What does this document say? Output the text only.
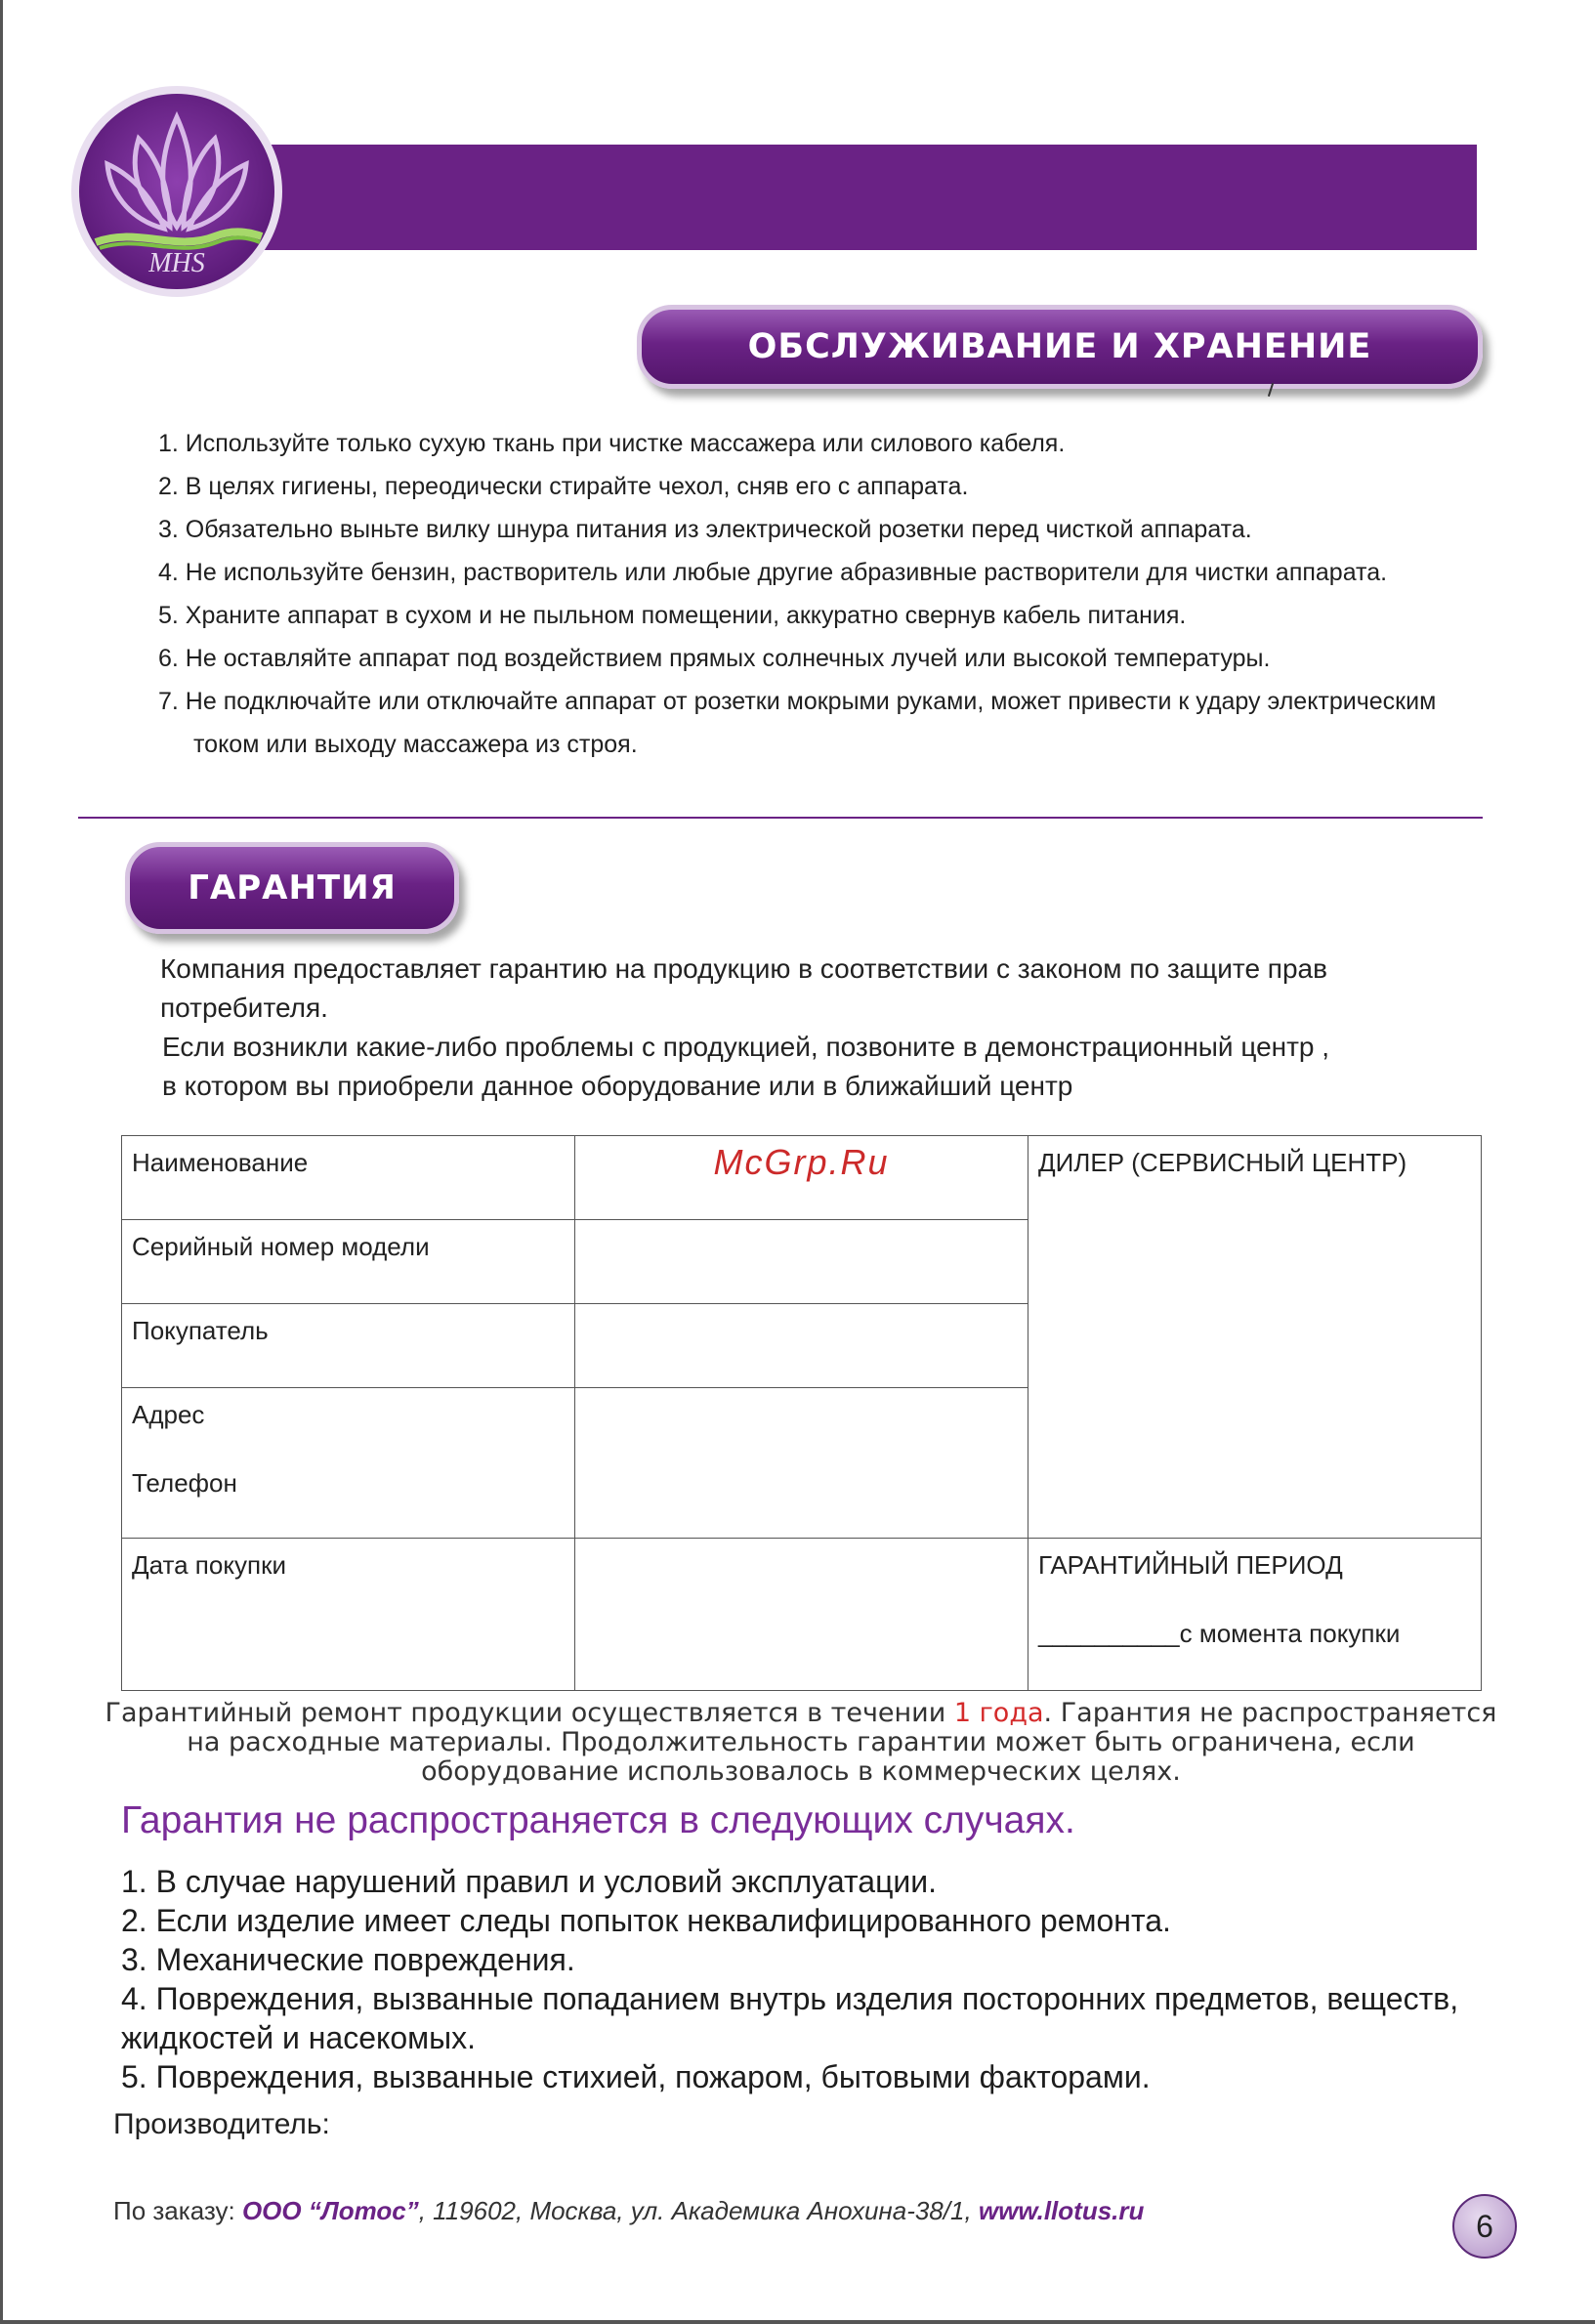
MHS
ОБСЛУЖИВАНИЕ И ХРАНЕНИЕ
1. Используйте только сухую ткань при чистке массажера или силового кабеля.
2. В целях гигиены, переодически стирайте чехол, сняв его с аппарата.
3. Обязательно выньте вилку шнура питания из электрической розетки перед чисткой аппарата.
4. Не используйте бензин, растворитель или любые другие абразивные растворители для чистки аппарата.
5. Храните аппарат в сухом и не пыльном помещении, аккуратно свернув кабель питания.
6. Не оставляйте аппарат под воздействием прямых солнечных лучей или высокой температуры.
7. Не подключайте или отключайте аппарат от розетки мокрыми руками, может привести к удару электрическим током или выходу массажера из строя.
ГАРАНТИЯ
Компания предоставляет гарантию на продукцию в соответствии с законом по защите прав потребителя.
Если возникли какие-либо проблемы с продукцией, позвоните в демонстрационный центр ,
в котором вы приобрели данное оборудование или в ближайший центр
Наименование	McGrp.Ru	ДИЛЕР (СЕРВИСНЫЙ ЦЕНТР)
Серийный номер модели		
Покупатель		

Адрес
Телефон		

Дата покупки		ГАРАНТИЙНЫЙ ПЕРИОД
__________с момента покупки
Гарантийный ремонт продукции осуществляется в течении 1 года. Гарантия не распространяется
на расходные материалы. Продолжительность гарантии может быть ограничена, если
оборудование использовалось в коммерческих целях.
Гарантия не распространяется в следующих случаях.
1. В случае нарушений правил и условий эксплуатации.
2. Если изделие имеет следы попыток неквалифицированного ремонта.
3. Механические повреждения.
4. Повреждения, вызванные попаданием внутрь изделия посторонних предметов, веществ, жидкостей и насекомых.
5. Повреждения, вызванные стихией, пожаром, бытовыми факторами.
Производитель:
По заказу: ООО “Лотос”, 119602, Москва, ул. Академика Анохина-38/1, www.llotus.ru	6
